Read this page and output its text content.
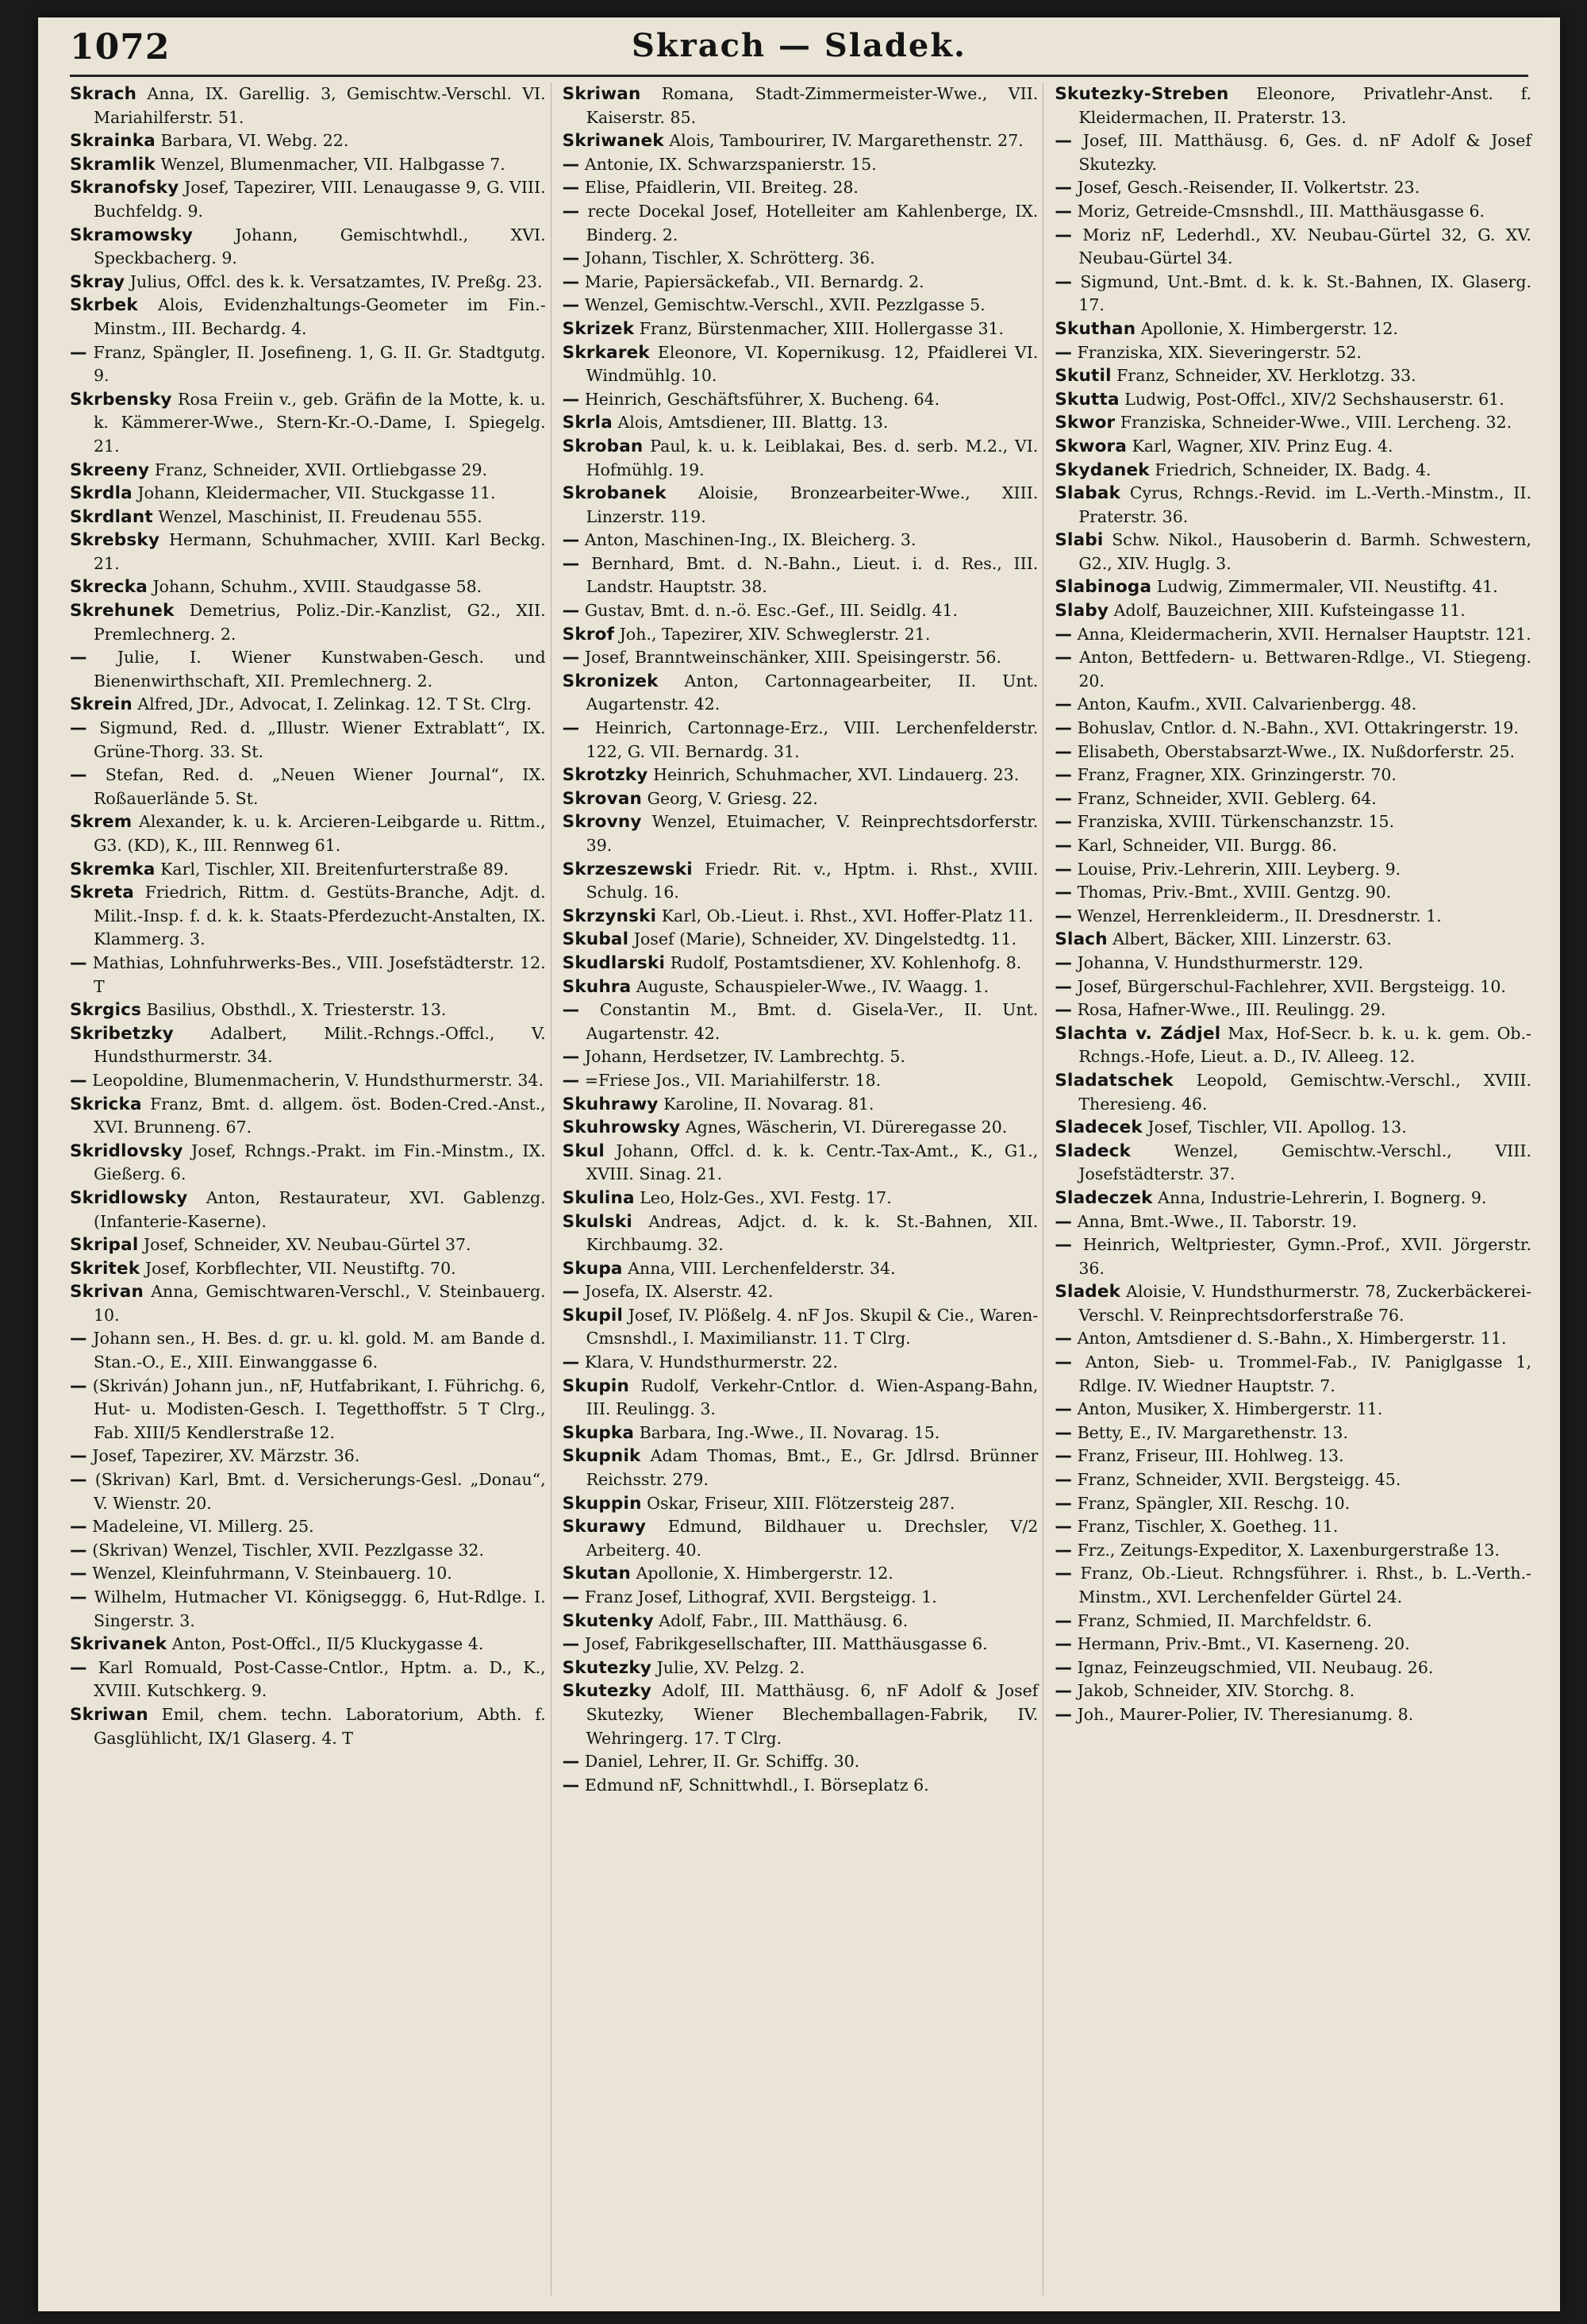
1072	Skrach — Sladek.
Skrach Anna, IX. Garellig. 3, Gemischtw.-Verschl. VI. Mariahilferstr. 51.
Skrainka Barbara, VI. Webg. 22.
Skramlik Wenzel, Blumenmacher, VII. Halbgasse 7.
Skranofsky Josef, Tapezirer, VIII. Lenaugasse 9, G. VIII. Buchfeldg. 9.
Skramowsky	Johann, Gemischtwhdl., XVI. Speckbacherg. 9.
Skray Julius, Offcl. des k. k. Versatzamtes, IV. Preßg. 23.
Skrbek Alois, Evidenzhaltungs-Geometer im Fin.-Minstm., III. Bechardg. 4.
— Franz, Spängler, II. Josefineng. 1, G. II. Gr. Stadtgutg. 9.
Skrbensky Rosa Freiin v., geb. Gräfin de la Motte, k. u. k. Kämmerer-Wwe., Stern-Kr.-O.-Dame, I. Spiegelg. 21.
Skreeny Franz, Schneider, XVII. Ortliebgasse 29.
Skrdla Johann, Kleidermacher, VII. Stuckgasse 11.
Skrdlant Wenzel, Maschinist, II. Freudenau 555.
Skrebsky Hermann, Schuhmacher, XVIII. Karl Beckg. 21.
Skrecka Johann, Schuhm., XVIII. Staudgasse 58.
Skrehunek Demetrius, Poliz.-Dir.-Kanzlist, G2., XII. Premlechnerg. 2.
— Julie, I. Wiener Kunstwaben-Gesch. und Bienenwirthschaft, XII. Premlechnerg. 2.
Skrein Alfred, JDr., Advocat, I. Zelinkag. 12. T St. Clrg.
— Sigmund, Red. d. „Illustr. Wiener Extrablatt“, IX. Grüne-Thorg. 33. St.
— Stefan, Red. d. „Neuen Wiener Journal“, IX. Roßauerlände 5. St.
Skrem Alexander, k. u. k. Arcieren-Leibgarde u. Rittm., G3. (KD), K., III. Rennweg 61.
Skremka Karl, Tischler, XII. Breitenfurterstraße 89.
Skreta Friedrich, Rittm. d. Gestüts-Branche, Adjt. d. Milit.-Insp. f. d. k. k. Staats-Pferdezucht-Anstalten, IX. Klammerg. 3.
— Mathias, Lohnfuhrwerks-Bes., VIII. Josefstädterstr. 12. T
Skrgics Basilius, Obsthdl., X. Triesterstr. 13.
Skribetzky Adalbert, Milit.-Rchngs.-Offcl., V. Hundsthurmerstr. 34.
— Leopoldine, Blumenmacherin, V. Hundsthurmerstr. 34.
Skricka Franz, Bmt. d. allgem. öst. Boden-Cred.-Anst., XVI. Brunneng. 67.
Skridlovsky Josef, Rchngs.-Prakt. im Fin.-Minstm., IX. Gießerg. 6.
Skridlowsky Anton, Restaurateur, XVI. Gablenzg. (Infanterie-Kaserne).
Skripal Josef, Schneider, XV. Neubau-Gürtel 37.
Skritek Josef, Korbflechter, VII. Neustiftg. 70.
Skrivan Anna, Gemischtwaren-Verschl., V. Steinbauerg. 10.
— Johann sen., H. Bes. d. gr. u. kl. gold. M. am Bande d. Stan.-O., E., XIII. Einwanggasse 6.
— (Skriván) Johann jun., nF, Hutfabrikant, I. Führichg. 6, Hut- u. Modisten-Gesch. I. Tegetthoffstr. 5 T Clrg., Fab. XIII/5 Kendlerstraße 12.
— Josef, Tapezirer, XV. Märzstr. 36.
— (Skrivan) Karl, Bmt. d. Versicherungs-Gesl. „Donau“, V. Wienstr. 20.
— Madeleine, VI. Millerg. 25.
— (Skrivan) Wenzel, Tischler, XVII. Pezzlgasse 32.
— Wenzel, Kleinfuhrmann, V. Steinbauerg. 10.
— Wilhelm, Hutmacher VI. Königseggg. 6, Hut-Rdlge. I. Singerstr. 3.
Skrivanek Anton, Post-Offcl., II/5 Kluckygasse 4.
— Karl Romuald, Post-Casse-Cntlor., Hptm. a. D., K., XVIII. Kutschkerg. 9.
Skriwan Emil, chem. techn. Laboratorium, Abth. f. Gasglühlicht, IX/1 Glaserg. 4. T
Skriwan Romana, Stadt-Zimmermeister-Wwe., VII. Kaiserstr. 85.
Skriwanek Alois, Tambourirer, IV. Margarethenstr. 27.
— Antonie, IX. Schwarzspanierstr. 15.
— Elise, Pfaidlerin, VII. Breiteg. 28.
— recte Docekal Josef, Hotelleiter am Kahlenberge, IX. Binderg. 2.
— Johann, Tischler, X. Schrötterg. 36.
— Marie, Papiersäckefab., VII. Bernardg. 2.
— Wenzel, Gemischtw.-Verschl., XVII. Pezzlgasse 5.
Skrizek Franz, Bürstenmacher, XIII. Hollergasse 31.
Skrkarek Eleonore, VI. Kopernikusg. 12, Pfaidlerei VI. Windmühlg. 10.
— Heinrich, Geschäftsführer, X. Bucheng. 64.
Skrla Alois, Amtsdiener, III. Blattg. 13.
Skroban Paul, k. u. k. Leiblakai, Bes. d. serb. M.2., VI. Hofmühlg. 19.
Skrobanek Aloisie, Bronzearbeiter-Wwe., XIII. Linzerstr. 119.
— Anton, Maschinen-Ing., IX. Bleicherg. 3.
— Bernhard, Bmt. d. N.-Bahn., Lieut. i. d. Res., III. Landstr. Hauptstr. 38.
— Gustav, Bmt. d. n.-ö. Esc.-Gef., III. Seidlg. 41.
Skrof Joh., Tapezirer, XIV. Schweglerstr. 21.
— Josef, Branntweinschänker, XIII. Speisingerstr. 56.
Skronizek Anton, Cartonnagearbeiter, II. Unt. Augartenstr. 42.
— Heinrich, Cartonnage-Erz., VIII. Lerchenfelderstr. 122, G. VII. Bernardg. 31.
Skrotzky Heinrich, Schuhmacher, XVI. Lindauerg. 23.
Skrovan Georg, V. Griesg. 22.
Skrovny Wenzel, Etuimacher, V. Reinprechtsdorferstr. 39.
Skrzeszewski Friedr. Rit. v., Hptm. i. Rhst., XVIII. Schulg. 16.
Skrzynski Karl, Ob.-Lieut. i. Rhst., XVI. Hoffer-Platz 11.
Skubal Josef (Marie), Schneider, XV. Dingelstedtg. 11.
Skudlarski Rudolf, Postamtsdiener, XV. Kohlenhofg. 8.
Skuhra Auguste, Schauspieler-Wwe., IV. Waagg. 1.
— Constantin M., Bmt. d. Gisela-Ver., II. Unt. Augartenstr. 42.
— Johann, Herdsetzer, IV. Lambrechtg. 5.
— =Friese Jos., VII. Mariahilferstr. 18.
Skuhrawy Karoline, II. Novarag. 81.
Skuhrowsky Agnes, Wäscherin, VI. Düreregasse 20.
Skul Johann, Offcl. d. k. k. Centr.-Tax-Amt., K., G1., XVIII. Sinag. 21.
Skulina Leo, Holz-Ges., XVI. Festg. 17.
Skulski Andreas, Adjct. d. k. k. St.-Bahnen, XII. Kirchbaumg. 32.
Skupa Anna, VIII. Lerchenfelderstr. 34.
— Josefa, IX. Alserstr. 42.
Skupil Josef, IV. Plößelg. 4. nF Jos. Skupil & Cie., Waren-Cmsnshdl., I. Maximilianstr. 11. T Clrg.
— Klara, V. Hundsthurmerstr. 22.
Skupin Rudolf, Verkehr-Cntlor. d. Wien-Aspang-Bahn, III. Reulingg. 3.
Skupka Barbara, Ing.-Wwe., II. Novarag. 15.
Skupnik Adam Thomas, Bmt., E., Gr. Jdlrsd. Brünner Reichsstr. 279.
Skuppin Oskar, Friseur, XIII. Flötzersteig 287.
Skurawy Edmund, Bildhauer u. Drechsler, V/2 Arbeiterg. 40.
Skutan Apollonie, X. Himbergerstr. 12.
— Franz Josef, Lithograf, XVII. Bergsteigg. 1.
Skutenky Adolf, Fabr., III. Matthäusg. 6.
— Josef, Fabrikgesellschafter, III. Matthäusgasse 6.
Skutezky Julie, XV. Pelzg. 2.
Skutezky Adolf, III. Matthäusg. 6, nF Adolf & Josef Skutezky, Wiener Blechemballagen-Fabrik, IV. Wehringerg. 17. T Clrg.
— Daniel, Lehrer, II. Gr. Schiffg. 30.
— Edmund nF, Schnittwhdl., I. Börseplatz 6.
Skutezky-Streben Eleonore, Privatlehr-Anst. f. Kleidermachen, II. Praterstr. 13.
— Josef, III. Matthäusg. 6, Ges. d. nF Adolf & Josef Skutezky.
— Josef, Gesch.-Reisender, II. Volkertstr. 23.
— Moriz, Getreide-Cmsnshdl., III. Matthäusgasse 6.
— Moriz nF, Lederhdl., XV. Neubau-Gürtel 32, G. XV. Neubau-Gürtel 34.
— Sigmund, Unt.-Bmt. d. k. k. St.-Bahnen, IX. Glaserg. 17.
Skuthan Apollonie, X. Himbergerstr. 12.
— Franziska, XIX. Sieveringerstr. 52.
Skutil Franz, Schneider, XV. Herklotzg. 33.
Skutta Ludwig, Post-Offcl., XIV/2 Sechshauserstr. 61.
Skwor Franziska, Schneider-Wwe., VIII. Lercheng. 32.
Skwora Karl, Wagner, XIV. Prinz Eug. 4.
Skydanek Friedrich, Schneider, IX. Badg. 4.
Slabak Cyrus, Rchngs.-Revid. im L.-Verth.-Minstm., II. Praterstr. 36.
Slabi Schw. Nikol., Hausoberin d. Barmh. Schwestern, G2., XIV. Huglg. 3.
Slabinoga Ludwig, Zimmermaler, VII. Neustiftg. 41.
Slaby Adolf, Bauzeichner, XIII. Kufsteingasse 11.
— Anna, Kleidermacherin, XVII. Hernalser Hauptstr. 121.
— Anton, Bettfedern- u. Bettwaren-Rdlge., VI. Stiegeng. 20.
— Anton, Kaufm., XVII. Calvarienbergg. 48.
— Bohuslav, Cntlor. d. N.-Bahn., XVI. Ottakringerstr. 19.
— Elisabeth, Oberstabsarzt-Wwe., IX. Nußdorferstr. 25.
— Franz, Fragner, XIX. Grinzingerstr. 70.
— Franz, Schneider, XVII. Geblerg. 64.
— Franziska, XVIII. Türkenschanzstr. 15.
— Karl, Schneider, VII. Burgg. 86.
— Louise, Priv.-Lehrerin, XIII. Leyberg. 9.
— Thomas, Priv.-Bmt., XVIII. Gentzg. 90.
— Wenzel, Herrenkleiderm., II. Dresdnerstr. 1.
Slach Albert, Bäcker, XIII. Linzerstr. 63.
— Johanna, V. Hundsthurmerstr. 129.
— Josef, Bürgerschul-Fachlehrer, XVII. Bergsteigg. 10.
— Rosa, Hafner-Wwe., III. Reulingg. 29.
Slachta v. Zádjel Max, Hof-Secr. b. k. u. k. gem. Ob.-Rchngs.-Hofe, Lieut. a. D., IV. Alleeg. 12.
Sladatschek Leopold, Gemischtw.-Verschl., XVIII. Theresieng. 46.
Sladecek Josef, Tischler, VII. Apollog. 13.
Sladeck	Wenzel, Gemischtw.-Verschl., VIII. Josefstädterstr. 37.
Sladeczek Anna, Industrie-Lehrerin, I. Bognerg. 9.
— Anna, Bmt.-Wwe., II. Taborstr. 19.
— Heinrich, Weltpriester, Gymn.-Prof., XVII. Jörgerstr. 36.
Sladek Aloisie, V. Hundsthurmerstr. 78, Zuckerbäckerei-Verschl. V. Reinprechtsdorferstraße 76.
— Anton, Amtsdiener d. S.-Bahn., X. Himbergerstr. 11.
— Anton, Sieb- u. Trommel-Fab., IV. Paniglgasse 1, Rdlge. IV. Wiedner Hauptstr. 7.
— Anton, Musiker, X. Himbergerstr. 11.
— Betty, E., IV. Margarethenstr. 13.
— Franz, Friseur, III. Hohlweg. 13.
— Franz, Schneider, XVII. Bergsteigg. 45.
— Franz, Spängler, XII. Reschg. 10.
— Franz, Tischler, X. Goetheg. 11.
— Frz., Zeitungs-Expeditor, X. Laxenburgerstraße 13.
— Franz, Ob.-Lieut. Rchngsführer. i. Rhst., b. L.-Verth.-Minstm., XVI. Lerchenfelder Gürtel 24.
— Franz, Schmied, II. Marchfeldstr. 6.
— Hermann, Priv.-Bmt., VI. Kaserneng. 20.
— Ignaz, Feinzeugschmied, VII. Neubaug. 26.
— Jakob, Schneider, XIV. Storchg. 8.
— Joh., Maurer-Polier, IV. Theresianumg. 8.
